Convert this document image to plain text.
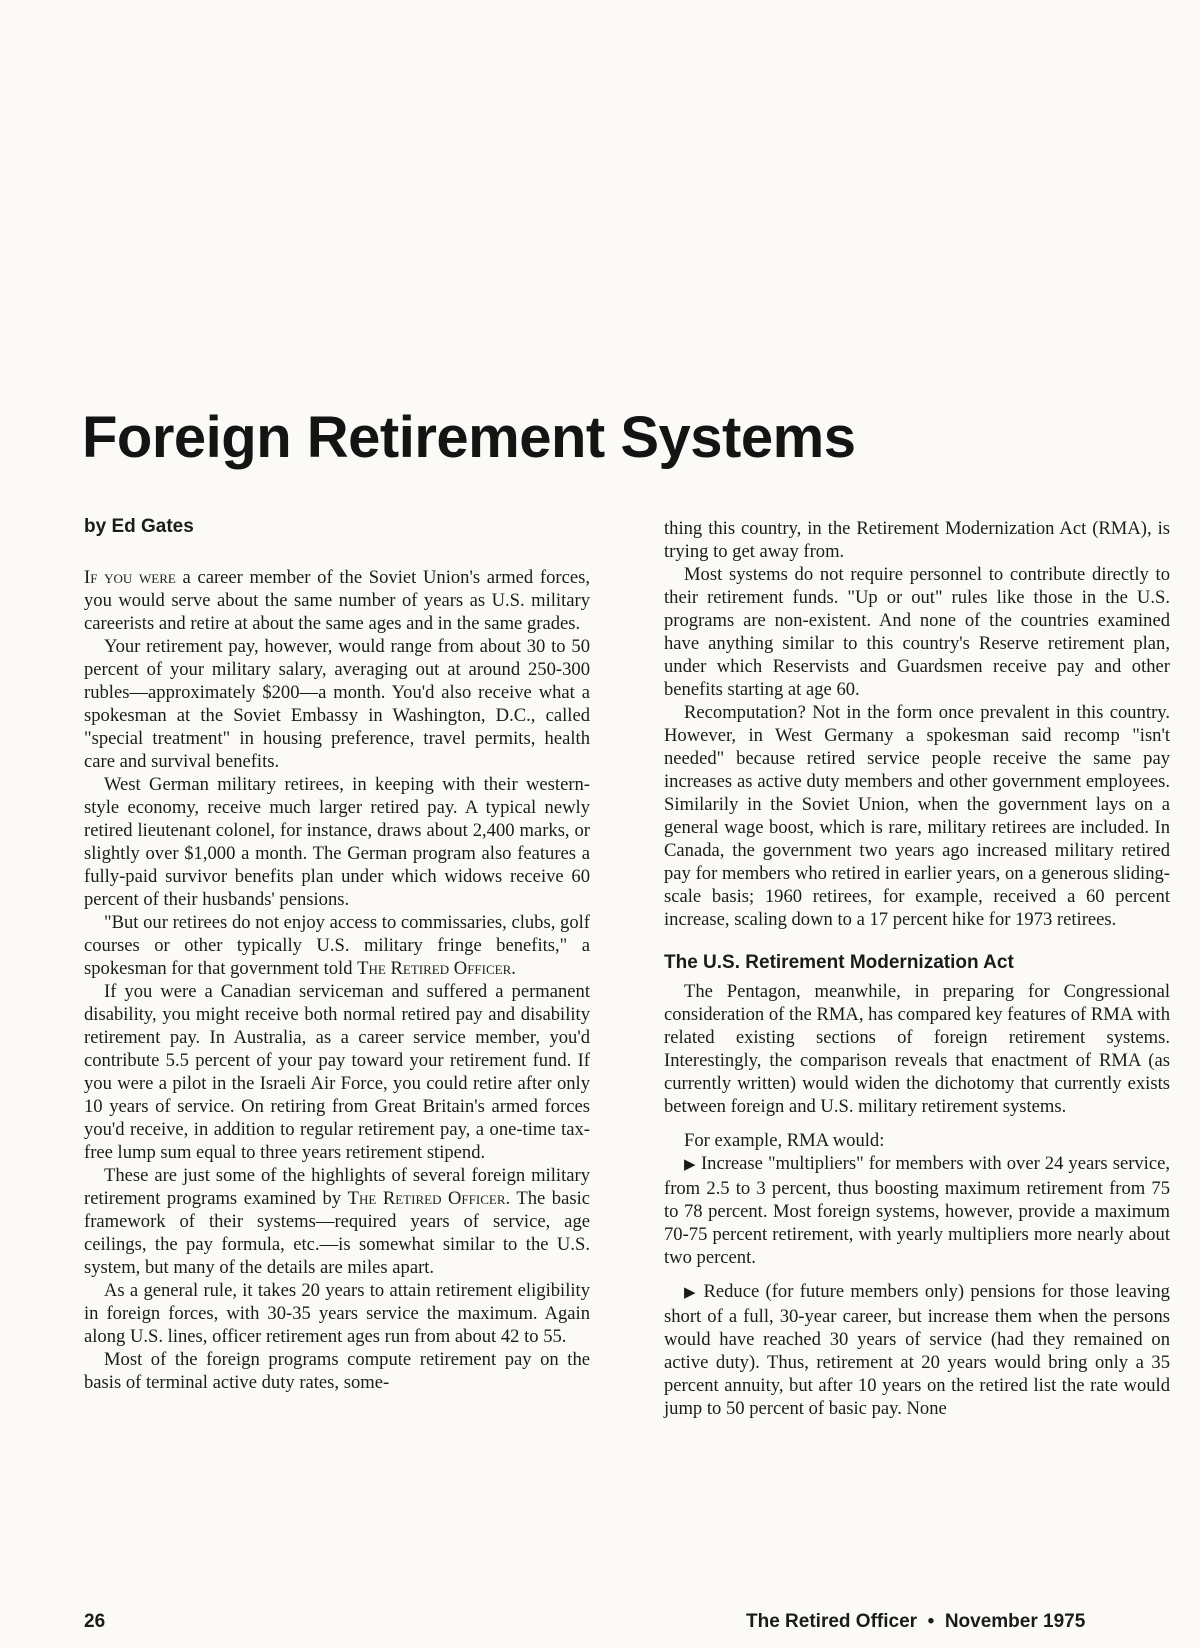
Foreign Retirement Systems

by Ed Gates

If you were a career member of the Soviet Union's armed forces, you would serve about the same number of years as U.S. military careerists and retire at about the same ages and in the same grades.

Your retirement pay, however, would range from about 30 to 50 percent of your military salary, averaging out at around 250-300 rubles—approximately $200—a month. You'd also receive what a spokesman at the Soviet Embassy in Washington, D.C., called "special treatment" in housing preference, travel permits, health care and survival benefits.

West German military retirees, in keeping with their western-style economy, receive much larger retired pay. A typical newly retired lieutenant colonel, for instance, draws about 2,400 marks, or slightly over $1,000 a month. The German program also features a fully-paid survivor benefits plan under which widows receive 60 percent of their husbands' pensions.

"But our retirees do not enjoy access to commissaries, clubs, golf courses or other typically U.S. military fringe benefits," a spokesman for that government told The Retired Officer.

If you were a Canadian serviceman and suffered a permanent disability, you might receive both normal retired pay and disability retirement pay. In Australia, as a career service member, you'd contribute 5.5 percent of your pay toward your retirement fund. If you were a pilot in the Israeli Air Force, you could retire after only 10 years of service. On retiring from Great Britain's armed forces you'd receive, in addition to regular retirement pay, a one-time tax-free lump sum equal to three years retirement stipend.

These are just some of the highlights of several foreign military retirement programs examined by The Retired Officer. The basic framework of their systems—required years of service, age ceilings, the pay formula, etc.—is somewhat similar to the U.S. system, but many of the details are miles apart.

As a general rule, it takes 20 years to attain retirement eligibility in foreign forces, with 30-35 years service the maximum. Again along U.S. lines, officer retirement ages run from about 42 to 55.

Most of the foreign programs compute retirement pay on the basis of terminal active duty rates, some-

thing this country, in the Retirement Modernization Act (RMA), is trying to get away from.

Most systems do not require personnel to contribute directly to their retirement funds. "Up or out" rules like those in the U.S. programs are non-existent. And none of the countries examined have anything similar to this country's Reserve retirement plan, under which Reservists and Guardsmen receive pay and other benefits starting at age 60.

Recomputation? Not in the form once prevalent in this country. However, in West Germany a spokesman said recomp "isn't needed" because retired service people receive the same pay increases as active duty members and other government employees. Similarily in the Soviet Union, when the government lays on a general wage boost, which is rare, military retirees are included. In Canada, the government two years ago increased military retired pay for members who retired in earlier years, on a generous sliding-scale basis; 1960 retirees, for example, received a 60 percent increase, scaling down to a 17 percent hike for 1973 retirees.

The U.S. Retirement Modernization Act

The Pentagon, meanwhile, in preparing for Congressional consideration of the RMA, has compared key features of RMA with related existing sections of foreign retirement systems. Interestingly, the comparison reveals that enactment of RMA (as currently written) would widen the dichotomy that currently exists between foreign and U.S. military retirement systems.

For example, RMA would:

▶ Increase "multipliers" for members with over 24 years service, from 2.5 to 3 percent, thus boosting maximum retirement from 75 to 78 percent. Most foreign systems, however, provide a maximum 70-75 percent retirement, with yearly multipliers more nearly about two percent.

▶ Reduce (for future members only) pensions for those leaving short of a full, 30-year career, but increase them when the persons would have reached 30 years of service (had they remained on active duty). Thus, retirement at 20 years would bring only a 35 percent annuity, but after 10 years on the retired list the rate would jump to 50 percent of basic pay. None

26	The Retired Officer • November 1975
